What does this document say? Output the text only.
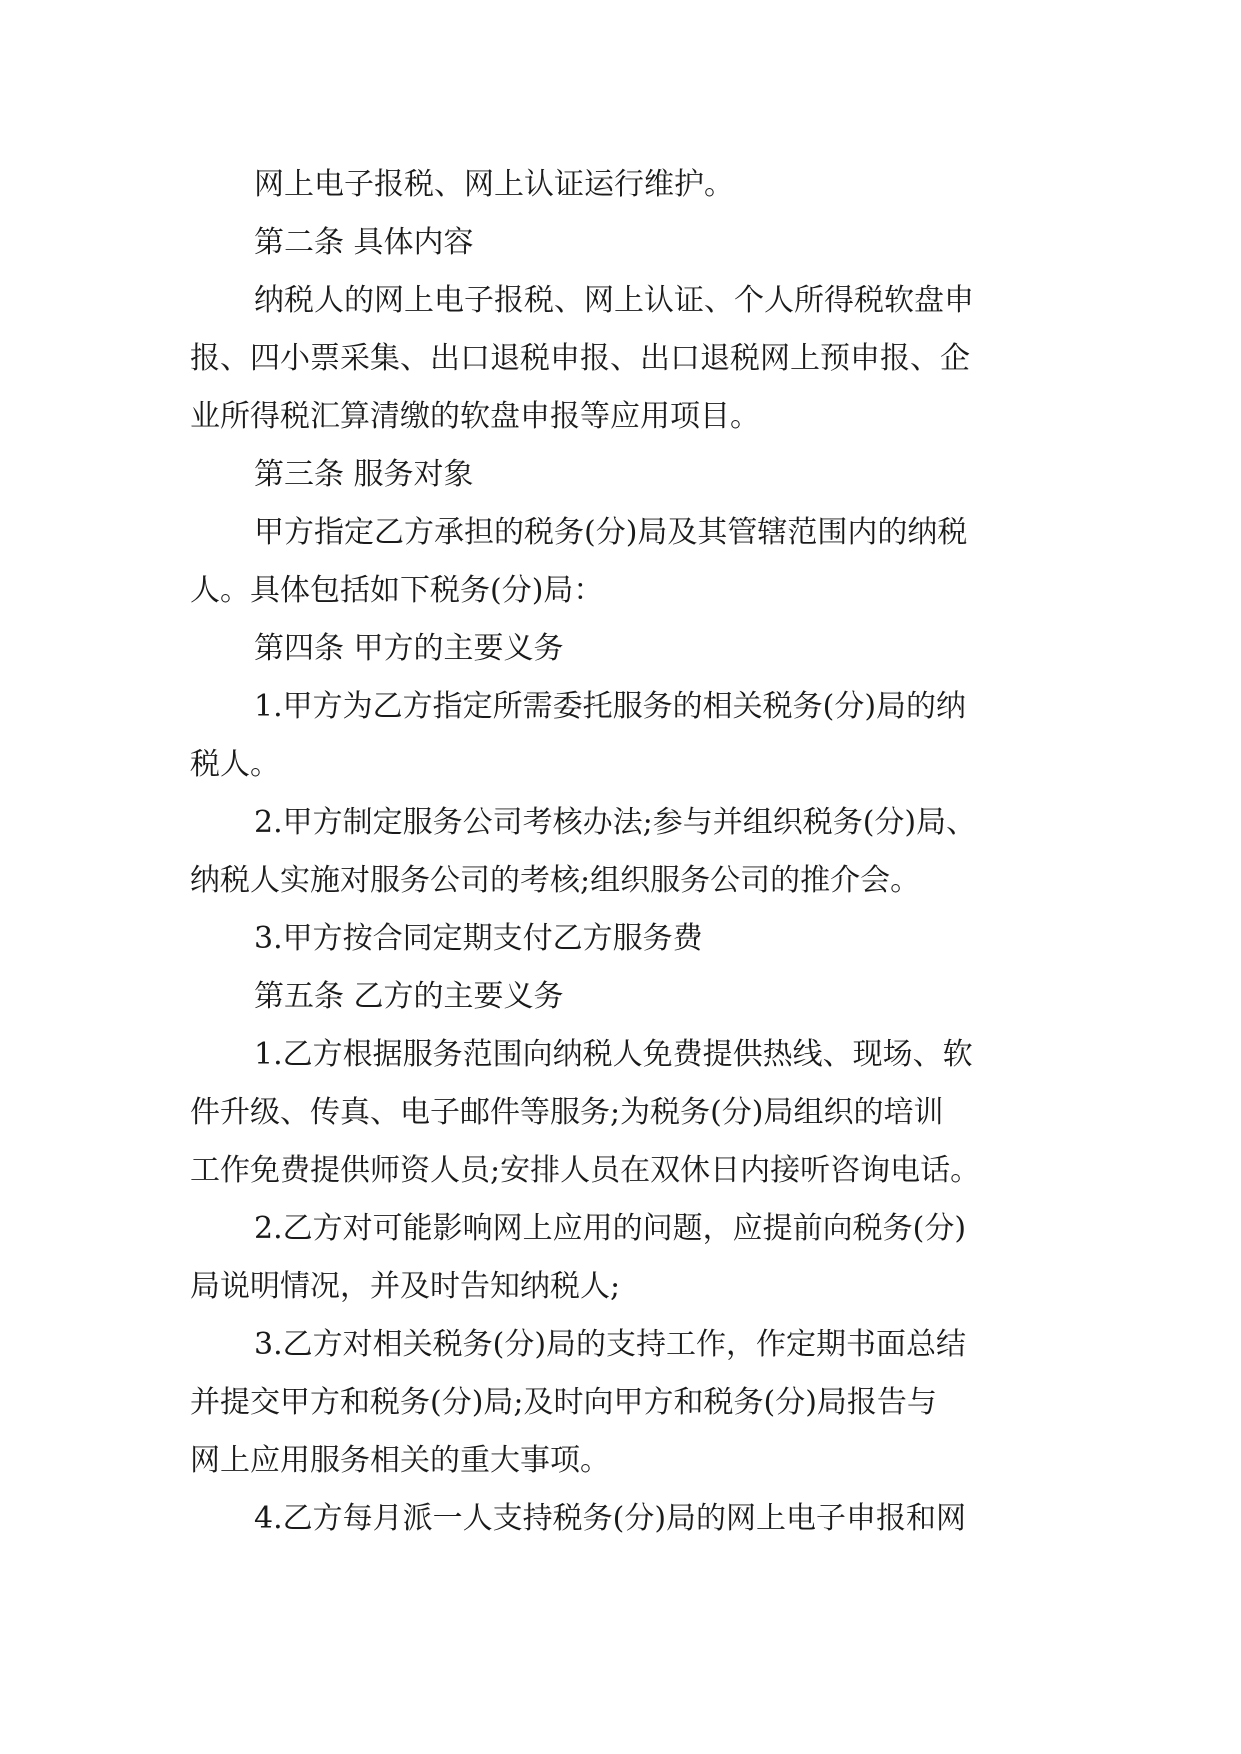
网上电子报税、网上认证运行维护。
第二条 具体内容
纳税人的网上电子报税、网上认证、个人所得税软盘申
报、四小票采集、出口退税申报、出口退税网上预申报、企
业所得税汇算清缴的软盘申报等应用项目。
第三条 服务对象
甲方指定乙方承担的税务(分)局及其管辖范围内的纳税
人。具体包括如下税务(分)局：
第四条 甲方的主要义务
1.甲方为乙方指定所需委托服务的相关税务(分)局的纳
税人。
2.甲方制定服务公司考核办法;参与并组织税务(分)局、
纳税人实施对服务公司的考核;组织服务公司的推介会。
3.甲方按合同定期支付乙方服务费
第五条 乙方的主要义务
1.乙方根据服务范围向纳税人免费提供热线、现场、软
件升级、传真、电子邮件等服务;为税务(分)局组织的培训
工作免费提供师资人员;安排人员在双休日内接听咨询电话。
2.乙方对可能影响网上应用的问题，应提前向税务(分)
局说明情况，并及时告知纳税人;
3.乙方对相关税务(分)局的支持工作，作定期书面总结
并提交甲方和税务(分)局;及时向甲方和税务(分)局报告与
网上应用服务相关的重大事项。
4.乙方每月派一人支持税务(分)局的网上电子申报和网
